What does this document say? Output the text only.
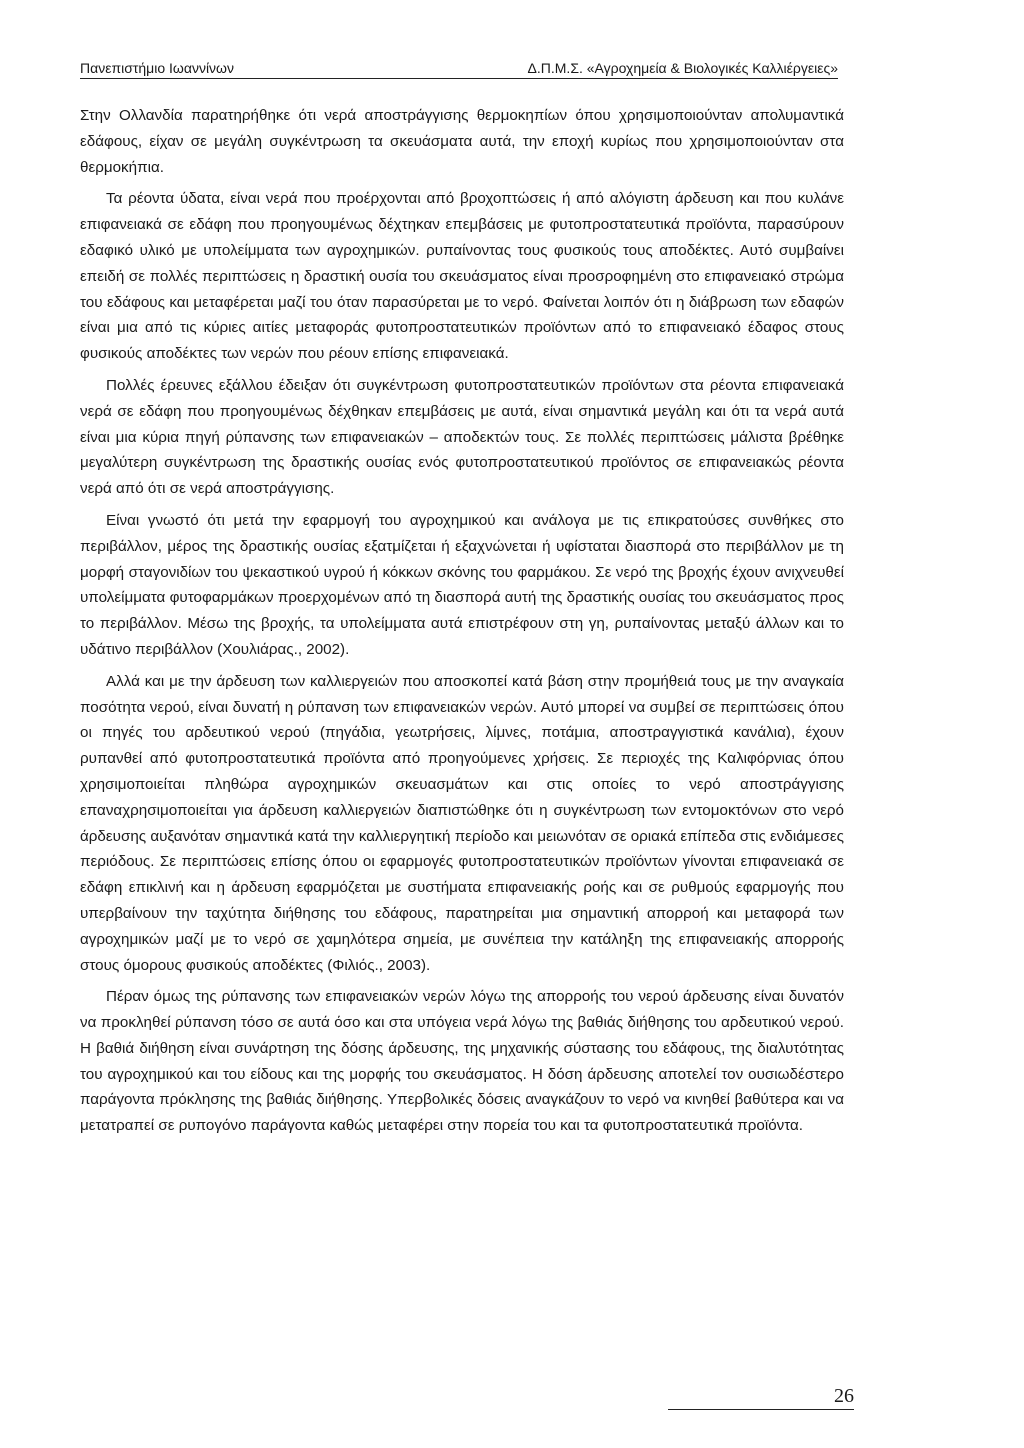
Πανεπιστήμιο Ιωαννίνων	Δ.Π.Μ.Σ. «Αγροχημεία & Βιολογικές Καλλιέργειες»

Στην Ολλανδία παρατηρήθηκε ότι νερά αποστράγγισης θερμοκηπίων όπου χρησιμοποιούνταν απολυμαντικά εδάφους, είχαν σε μεγάλη συγκέντρωση τα σκευάσματα αυτά, την εποχή κυρίως που χρησιμοποιούνταν στα θερμοκήπια.

Τα ρέοντα ύδατα, είναι νερά που προέρχονται από βροχοπτώσεις ή από αλόγιστη άρδευση και που κυλάνε επιφανειακά σε εδάφη που προηγουμένως δέχτηκαν επεμβάσεις με φυτοπροστατευτικά προϊόντα, παρασύρουν εδαφικό υλικό με υπολείμματα των αγροχημικών. ρυπαίνοντας τους φυσικούς τους αποδέκτες. Αυτό συμβαίνει επειδή σε πολλές περιπτώσεις η δραστική ουσία του σκευάσματος είναι προσροφημένη στο επιφανειακό στρώμα του εδάφους και μεταφέρεται μαζί του όταν παρασύρεται με το νερό. Φαίνεται λοιπόν ότι η διάβρωση των εδαφών είναι μια από τις κύριες αιτίες μεταφοράς φυτοπροστατευτικών προϊόντων από το επιφανειακό έδαφος στους φυσικούς αποδέκτες των νερών που ρέουν επίσης επιφανειακά.

Πολλές έρευνες εξάλλου έδειξαν ότι συγκέντρωση φυτοπροστατευτικών προϊόντων στα ρέοντα επιφανειακά νερά σε εδάφη που προηγουμένως δέχθηκαν επεμβάσεις με αυτά, είναι σημαντικά μεγάλη και ότι τα νερά αυτά είναι μια κύρια πηγή ρύπανσης των επιφανειακών – αποδεκτών τους. Σε πολλές περιπτώσεις μάλιστα βρέθηκε μεγαλύτερη συγκέντρωση της δραστικής ουσίας ενός φυτοπροστατευτικού προϊόντος σε επιφανειακώς ρέοντα νερά από ότι σε νερά αποστράγγισης.

Είναι γνωστό ότι μετά την εφαρμογή του αγροχημικού και ανάλογα με τις επικρατούσες συνθήκες στο περιβάλλον, μέρος της δραστικής ουσίας εξατμίζεται ή εξαχνώνεται ή υφίσταται διασπορά στο περιβάλλον με τη μορφή σταγονιδίων του ψεκαστικού υγρού ή κόκκων σκόνης του φαρμάκου. Σε νερό της βροχής έχουν ανιχνευθεί υπολείμματα φυτοφαρμάκων προερχομένων από τη διασπορά αυτή της δραστικής ουσίας του σκευάσματος προς το περιβάλλον. Μέσω της βροχής, τα υπολείμματα αυτά επιστρέφουν στη γη, ρυπαίνοντας μεταξύ άλλων και το υδάτινο περιβάλλον (Χουλιάρας., 2002).

Αλλά και με την άρδευση των καλλιεργειών που αποσκοπεί κατά βάση στην προμήθειά τους με την αναγκαία ποσότητα νερού, είναι δυνατή η ρύπανση των επιφανειακών νερών. Αυτό μπορεί να συμβεί σε περιπτώσεις όπου οι πηγές του αρδευτικού νερού (πηγάδια, γεωτρήσεις, λίμνες, ποτάμια, αποστραγγιστικά κανάλια), έχουν ρυπανθεί από φυτοπροστατευτικά προϊόντα από προηγούμενες χρήσεις. Σε περιοχές της Καλιφόρνιας όπου χρησιμοποιείται πληθώρα αγροχημικών σκευασμάτων και στις οποίες το νερό αποστράγγισης επαναχρησιμοποιείται για άρδευση καλλιεργειών διαπιστώθηκε ότι η συγκέντρωση των εντομοκτόνων στο νερό άρδευσης αυξανόταν σημαντικά κατά την καλλιεργητική περίοδο και μειωνόταν σε οριακά επίπεδα στις ενδιάμεσες περιόδους. Σε περιπτώσεις επίσης όπου οι εφαρμογές φυτοπροστατευτικών προϊόντων γίνονται επιφανειακά σε εδάφη επικλινή και η άρδευση εφαρμόζεται με συστήματα επιφανειακής ροής και σε ρυθμούς εφαρμογής που υπερβαίνουν την ταχύτητα διήθησης του εδάφους, παρατηρείται μια σημαντική απορροή και μεταφορά των αγροχημικών μαζί με το νερό σε χαμηλότερα σημεία, με συνέπεια την κατάληξη της επιφανειακής απορροής στους όμορους φυσικούς αποδέκτες (Φιλιός., 2003).

Πέραν όμως της ρύπανσης των επιφανειακών νερών λόγω της απορροής του νερού άρδευσης είναι δυνατόν να προκληθεί ρύπανση τόσο σε αυτά όσο και στα υπόγεια νερά λόγω της βαθιάς διήθησης του αρδευτικού νερού. Η βαθιά διήθηση είναι συνάρτηση της δόσης άρδευσης, της μηχανικής σύστασης του εδάφους, της διαλυτότητας του αγροχημικού και του είδους και της μορφής του σκευάσματος. Η δόση άρδευσης αποτελεί τον ουσιωδέστερο παράγοντα πρόκλησης της βαθιάς διήθησης. Υπερβολικές δόσεις αναγκάζουν το νερό να κινηθεί βαθύτερα και να μετατραπεί σε ρυπογόνο παράγοντα καθώς μεταφέρει στην πορεία του και τα φυτοπροστατευτικά προϊόντα.

26
